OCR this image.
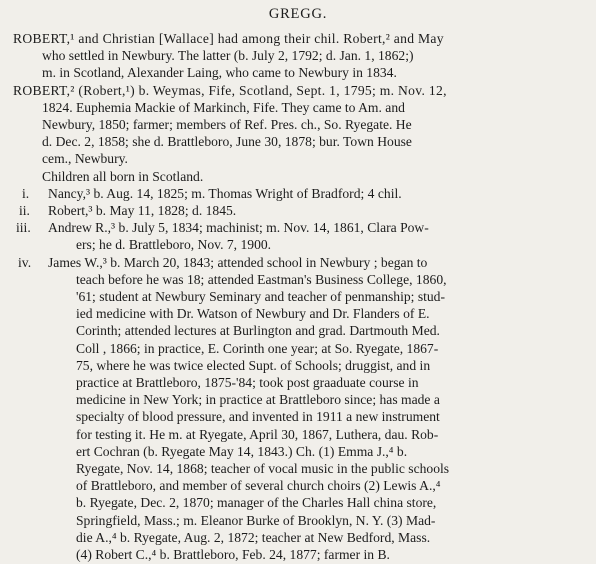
GREGG.
ROBERT,¹ and Christian [Wallace] had among their chil. Robert,² and May
who settled in Newbury. The latter (b. July 2, 1792; d. Jan. 1, 1862;)
m. in Scotland, Alexander Laing, who came to Newbury in 1834.
ROBERT,² (Robert,¹) b. Weymas, Fife, Scotland, Sept. 1, 1795; m. Nov. 12,
1824. Euphemia Mackie of Markinch, Fife. They came to Am. and
Newbury, 1850; farmer; members of Ref. Pres. ch., So. Ryegate. He
d. Dec. 2, 1858; she d. Brattleboro, June 30, 1878; bur. Town House
cem., Newbury.
Children all born in Scotland.
i.	Nancy,³ b. Aug. 14, 1825; m. Thomas Wright of Bradford; 4 chil.
ii.	Robert,³ b. May 11, 1828; d. 1845.
iii.	Andrew R.,³ b. July 5, 1834; machinist; m. Nov. 14, 1861, Clara Pow-
ers; he d. Brattleboro, Nov. 7, 1900.
iv.	James W.,³ b. March 20, 1843; attended school in Newbury ; began to
teach before he was 18; attended Eastman's Business College, 1860,
'61; student at Newbury Seminary and teacher of penmanship; stud-
ied medicine with Dr. Watson of Newbury and Dr. Flanders of E.
Corinth; attended lectures at Burlington and grad. Dartmouth Med.
Coll , 1866; in practice, E. Corinth one year; at So. Ryegate, 1867-
75, where he was twice elected Supt. of Schools; druggist, and in
practice at Brattleboro, 1875-'84; took post graaduate course in
medicine in New York; in practice at Brattleboro since; has made a
specialty of blood pressure, and invented in 1911 a new instrument
for testing it. He m. at Ryegate, April 30, 1867, Luthera, dau. Rob-
ert Cochran (b. Ryegate May 14, 1843.) Ch. (1) Emma J.,⁴ b.
Ryegate, Nov. 14, 1868; teacher of vocal music in the public schools
of Brattleboro, and member of several church choirs (2) Lewis A.,⁴
b. Ryegate, Dec. 2, 1870; manager of the Charles Hall china store,
Springfield, Mass.; m. Eleanor Burke of Brooklyn, N. Y. (3) Mad-
die A.,⁴ b. Ryegate, Aug. 2, 1872; teacher at New Bedford, Mass.
(4) Robert C.,⁴ b. Brattleboro, Feb. 24, 1877; farmer in B.
